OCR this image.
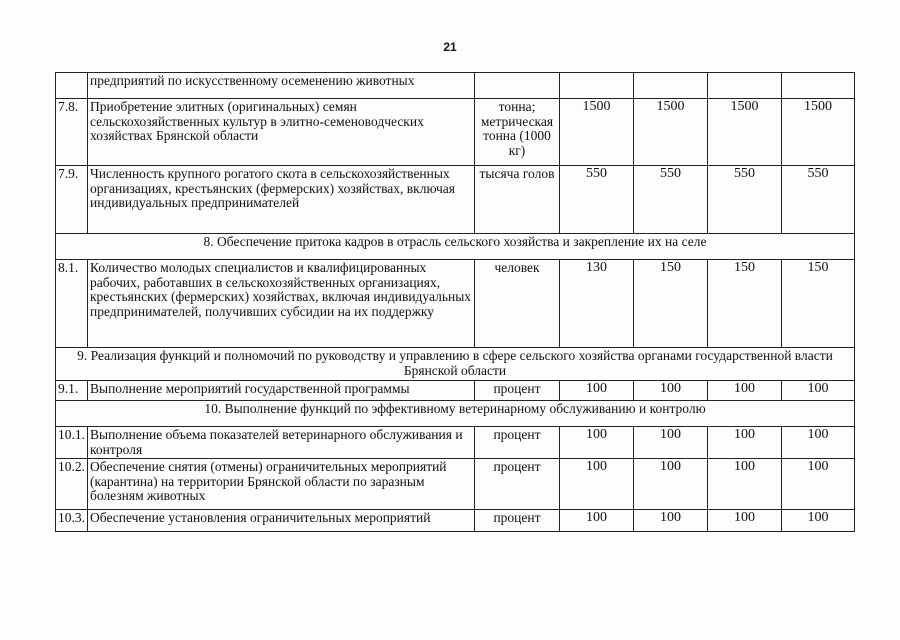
21
	предприятий по искусственному осеменению животных					
7.8.	Приобретение элитных (оригинальных) семян сельскохозяйственных культур в элитно-семеноводческих хозяйствах Брянской области	тонна; метрическая тонна (1000 кг)	1500	1500	1500	1500
7.9.	Численность крупного рогатого скота в сельскохозяйственных организациях, крестьянских (фермерских) хозяйствах, включая индивидуальных предпринимателей	тысяча голов	550	550	550	550
8. Обеспечение притока кадров в отрасль сельского хозяйства и закрепление их на селе						
8.1.	Количество молодых специалистов и квалифицированных рабочих, работавших в сельскохозяйственных организациях, крестьянских (фермерских) хозяйствах, включая индивидуальных предпринимателей, получивших субсидии на их поддержку	человек	130	150	150	150
9. Реализация функций и полномочий по руководству и управлению в сфере сельского хозяйства органами государственной власти Брянской области						
9.1.	Выполнение мероприятий государственной программы	процент	100	100	100	100
10. Выполнение функций по эффективному ветеринарному обслуживанию и контролю						
10.1.	Выполнение объема показателей ветеринарного обслуживания и контроля	процент	100	100	100	100
10.2.	Обеспечение снятия (отмены) ограничительных мероприятий (карантина) на территории Брянской области по заразным болезням животных	процент	100	100	100	100
10.3.	Обеспечение установления ограничительных мероприятий	процент	100	100	100	100
